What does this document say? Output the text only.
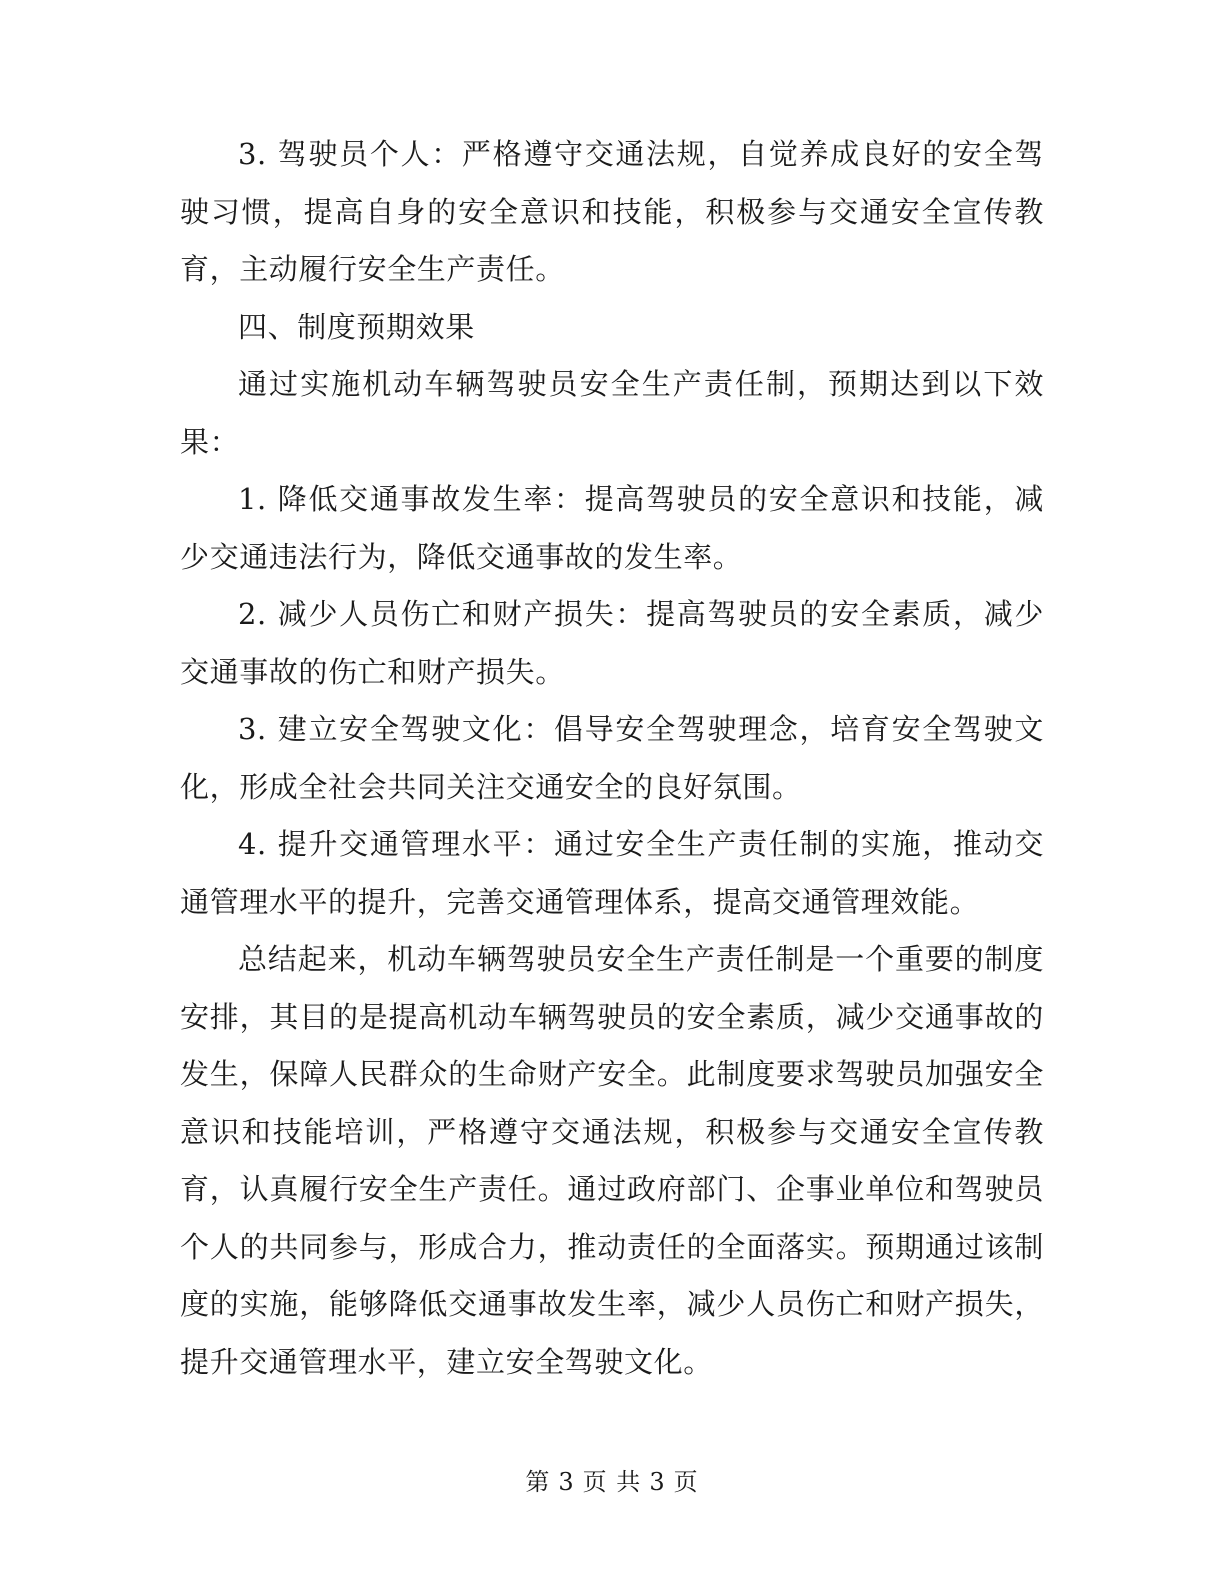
3. 驾驶员个人：严格遵守交通法规，自觉养成良好的安全驾驶习惯，提高自身的安全意识和技能，积极参与交通安全宣传教育，主动履行安全生产责任。

四、制度预期效果

通过实施机动车辆驾驶员安全生产责任制，预期达到以下效果：

1. 降低交通事故发生率：提高驾驶员的安全意识和技能，减少交通违法行为，降低交通事故的发生率。

2. 减少人员伤亡和财产损失：提高驾驶员的安全素质，减少交通事故的伤亡和财产损失。

3. 建立安全驾驶文化：倡导安全驾驶理念，培育安全驾驶文化，形成全社会共同关注交通安全的良好氛围。

4. 提升交通管理水平：通过安全生产责任制的实施，推动交通管理水平的提升，完善交通管理体系，提高交通管理效能。

总结起来，机动车辆驾驶员安全生产责任制是一个重要的制度安排，其目的是提高机动车辆驾驶员的安全素质，减少交通事故的发生，保障人民群众的生命财产安全。此制度要求驾驶员加强安全意识和技能培训，严格遵守交通法规，积极参与交通安全宣传教育，认真履行安全生产责任。通过政府部门、企事业单位和驾驶员个人的共同参与，形成合力，推动责任的全面落实。预期通过该制度的实施，能够降低交通事故发生率，减少人员伤亡和财产损失，提升交通管理水平，建立安全驾驶文化。

第 3 页 共 3 页
